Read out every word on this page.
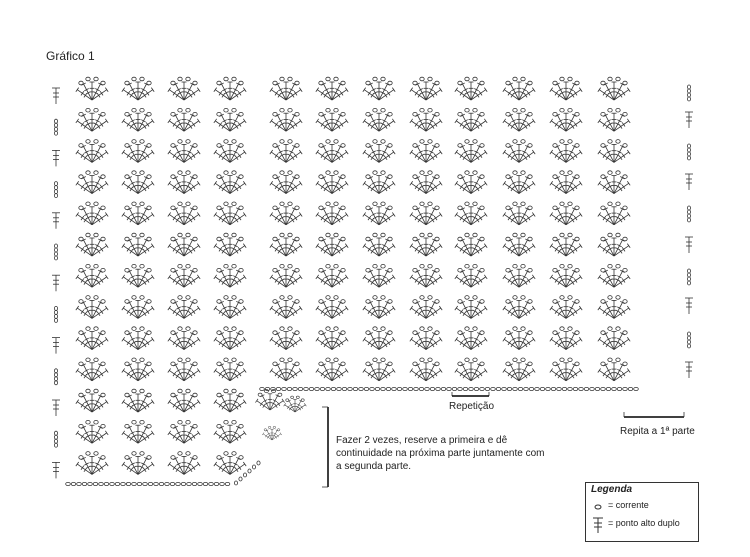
Gráfico 1
Repetição
Repita a 1ª parte
Fazer 2 vezes, reserve a primeira e dê continuidade na próxima parte juntamente com a segunda parte.
Legenda
= corrente
= ponto alto duplo
